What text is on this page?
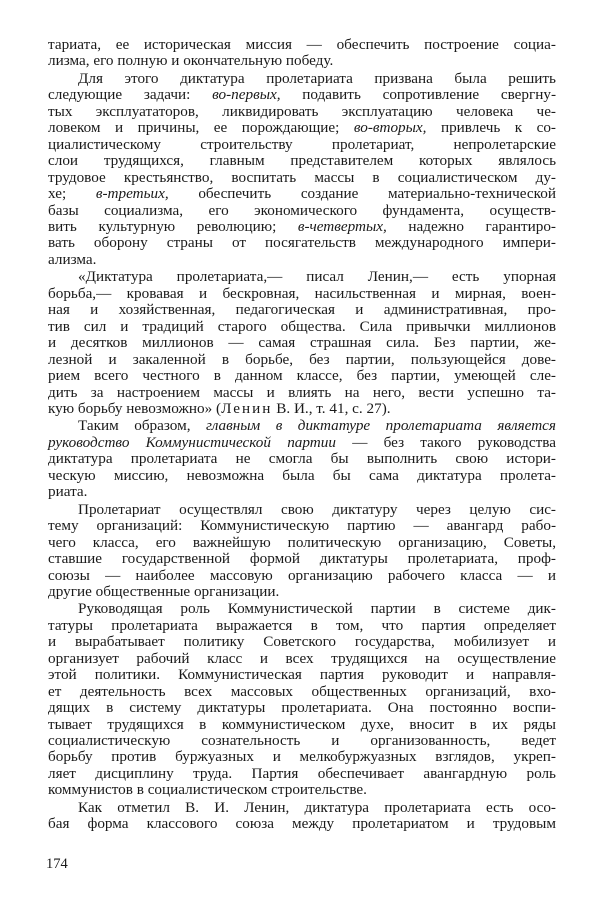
тариата, ее историческая миссия — обеспечить построение социа-
лизма, его полную и окончательную победу.
Для этого диктатура пролетариата призвана была решить
следующие задачи: во-первых, подавить сопротивление свергну-
тых эксплуататоров, ликвидировать эксплуатацию человека че-
ловеком и причины, ее порождающие; во-вторых, привлечь к со-
циалистическому строительству пролетариат, непролетарские
слои трудящихся, главным представителем которых являлось
трудовое крестьянство, воспитать массы в социалистическом ду-
хе; в-третьих, обеспечить создание материально-технической
базы социализма, его экономического фундамента, осуществ-
вить культурную революцию; в-четвертых, надежно гарантиро-
вать оборону страны от посягательств международного импери-
ализма.
«Диктатура пролетариата,— писал Ленин,— есть упорная
борьба,— кровавая и бескровная, насильственная и мирная, воен-
ная и хозяйственная, педагогическая и административная, про-
тив сил и традиций старого общества. Сила привычки миллионов
и десятков миллионов — самая страшная сила. Без партии, же-
лезной и закаленной в борьбе, без партии, пользующейся дове-
рием всего честного в данном классе, без партии, умеющей сле-
дить за настроением массы и влиять на него, вести успешно та-
кую борьбу невозможно» (Ленин В. И., т. 41, с. 27).
Таким образом, главным в диктатуре пролетариата является
руководство Коммунистической партии — без такого руководства
диктатура пролетариата не смогла бы выполнить свою истори-
ческую миссию, невозможна была бы сама диктатура пролета-
риата.
Пролетариат осуществлял свою диктатуру через целую сис-
тему организаций: Коммунистическую партию — авангард рабо-
чего класса, его важнейшую политическую организацию, Советы,
ставшие государственной формой диктатуры пролетариата, проф-
союзы — наиболее массовую организацию рабочего класса — и
другие общественные организации.
Руководящая роль Коммунистической партии в системе дик-
татуры пролетариата выражается в том, что партия определяет
и вырабатывает политику Советского государства, мобилизует и
организует рабочий класс и всех трудящихся на осуществление
этой политики. Коммунистическая партия руководит и направля-
ет деятельность всех массовых общественных организаций, вхо-
дящих в систему диктатуры пролетариата. Она постоянно воспи-
тывает трудящихся в коммунистическом духе, вносит в их ряды
социалистическую сознательность и организованность, ведет
борьбу против буржуазных и мелкобуржуазных взглядов, укреп-
ляет дисциплину труда. Партия обеспечивает авангардную роль
коммунистов в социалистическом строительстве.
Как отметил В. И. Ленин, диктатура пролетариата есть осо-
бая форма классового союза между пролетариатом и трудовым
174
